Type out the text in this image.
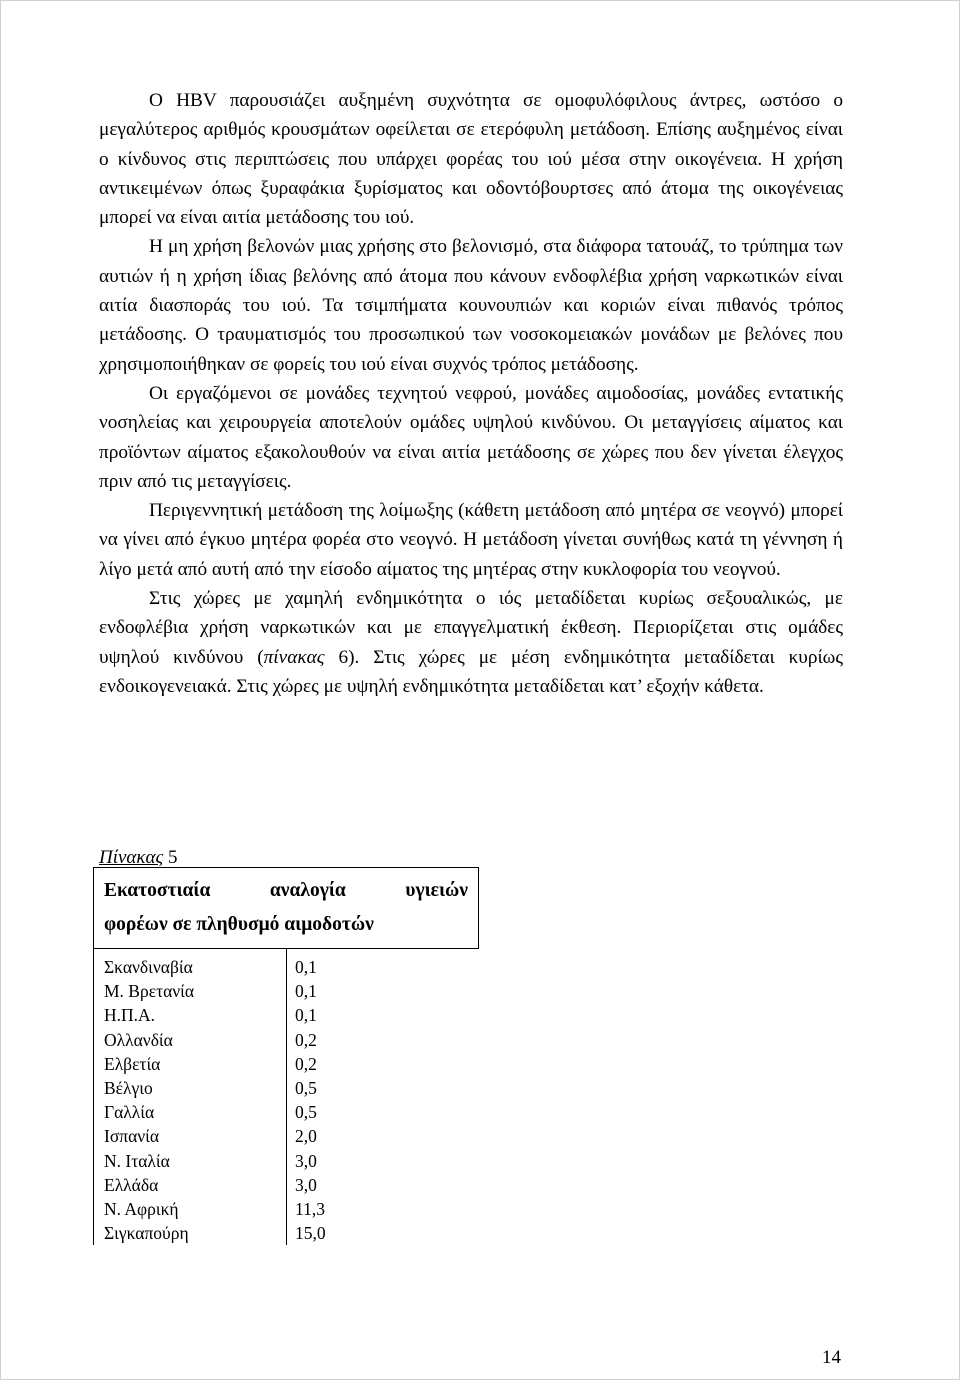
Ο HBV παρουσιάζει αυξημένη συχνότητα σε ομοφυλόφιλους άντρες, ωστόσο ο μεγαλύτερος αριθμός κρουσμάτων οφείλεται σε ετερόφυλη μετάδοση. Επίσης αυξημένος είναι ο κίνδυνος στις περιπτώσεις που υπάρχει φορέας του ιού μέσα στην οικογένεια. Η χρήση αντικειμένων όπως ξυραφάκια ξυρίσματος και οδοντόβουρτσες από άτομα της οικογένειας μπορεί να είναι αιτία μετάδοσης του ιού.

Η μη χρήση βελονών μιας χρήσης στο βελονισμό, στα διάφορα τατουάζ, το τρύπημα των αυτιών ή η χρήση ίδιας βελόνης από άτομα που κάνουν ενδοφλέβια χρήση ναρκωτικών είναι αιτία διασποράς του ιού. Τα τσιμπήματα κουνουπιών και κοριών είναι πιθανός τρόπος μετάδοσης. Ο τραυματισμός του προσωπικού των νοσοκομειακών μονάδων με βελόνες που χρησιμοποιήθηκαν σε φορείς του ιού είναι συχνός τρόπος μετάδοσης.

Οι εργαζόμενοι σε μονάδες τεχνητού νεφρού, μονάδες αιμοδοσίας, μονάδες εντατικής νοσηλείας και χειρουργεία αποτελούν ομάδες υψηλού κινδύνου. Οι μεταγγίσεις αίματος και προϊόντων αίματος εξακολουθούν να είναι αιτία μετάδοσης σε χώρες που δεν γίνεται έλεγχος πριν από τις μεταγγίσεις.

Περιγεννητική μετάδοση της λοίμωξης (κάθετη μετάδοση από μητέρα σε νεογνό) μπορεί να γίνει από έγκυο μητέρα φορέα στο νεογνό. Η μετάδοση γίνεται συνήθως κατά τη γέννηση ή λίγο μετά από αυτή από την είσοδο αίματος της μητέρας στην κυκλοφορία του νεογνού.

Στις χώρες με χαμηλή ενδημικότητα ο ιός μεταδίδεται κυρίως σεξουαλικώς, με ενδοφλέβια χρήση ναρκωτικών και με επαγγελματική έκθεση. Περιορίζεται στις ομάδες υψηλού κινδύνου (πίνακας 6). Στις χώρες με μέση ενδημικότητα μεταδίδεται κυρίως ενδοικογενειακά. Στις χώρες με υψηλή ενδημικότητα μεταδίδεται κατ’ εξοχήν κάθετα.

Πίνακας 5
Εκατοστιαία αναλογία υγιειών
φορέων σε πληθυσμό αιμοδοτών
Σκανδιναβία
Μ. Βρετανία
Η.Π.Α.
Ολλανδία
Ελβετία
Βέλγιο
Γαλλία
Ισπανία
Ν. Ιταλία
Ελλάδα
Ν. Αφρική
Σιγκαπούρη
0,1
0,1
0,1
0,2
0,2
0,5
0,5
2,0
3,0
3,0
11,3
15,0
14
